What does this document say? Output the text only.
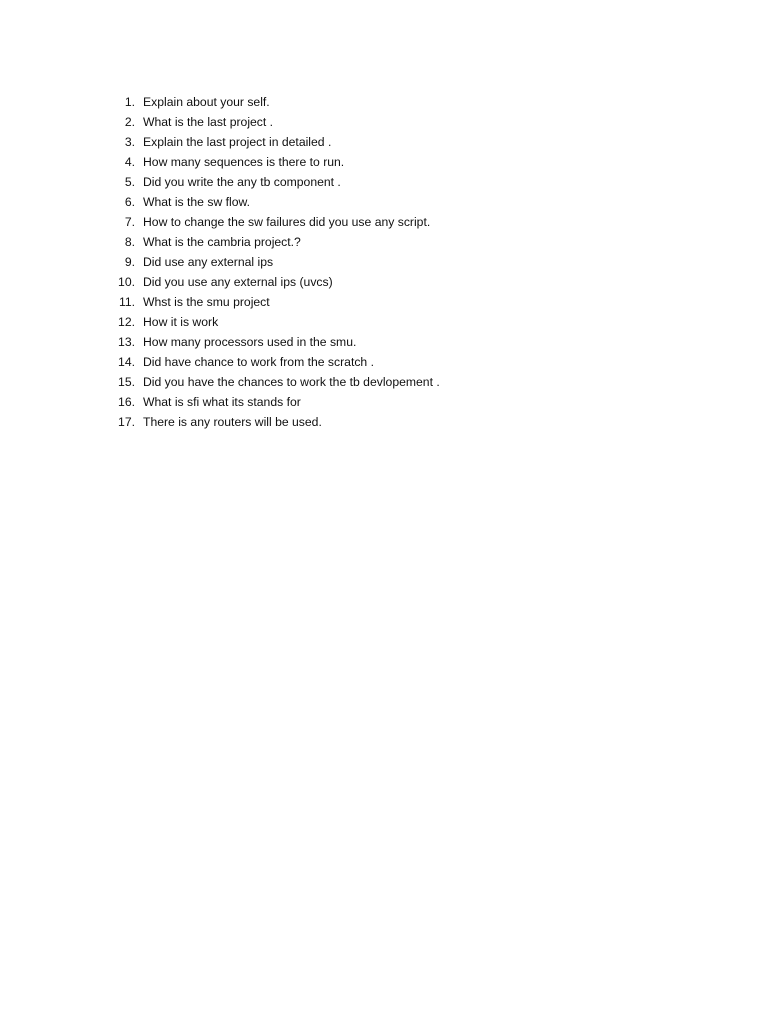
1. Explain about your self.
2. What is the last project .
3. Explain the last project in detailed .
4. How many sequences is there to run.
5. Did you write the any tb component .
6. What is the sw flow.
7. How to change the sw failures did you use any script.
8. What is the cambria project.?
9. Did use any external ips
10. Did you use any external ips (uvcs)
11. Whst is the smu project
12. How it is work
13. How many processors used in the smu.
14. Did have chance to work from the scratch .
15. Did you have the chances to work the tb devlopement .
16. What is sfi what its stands for
17. There is any routers will be used.
